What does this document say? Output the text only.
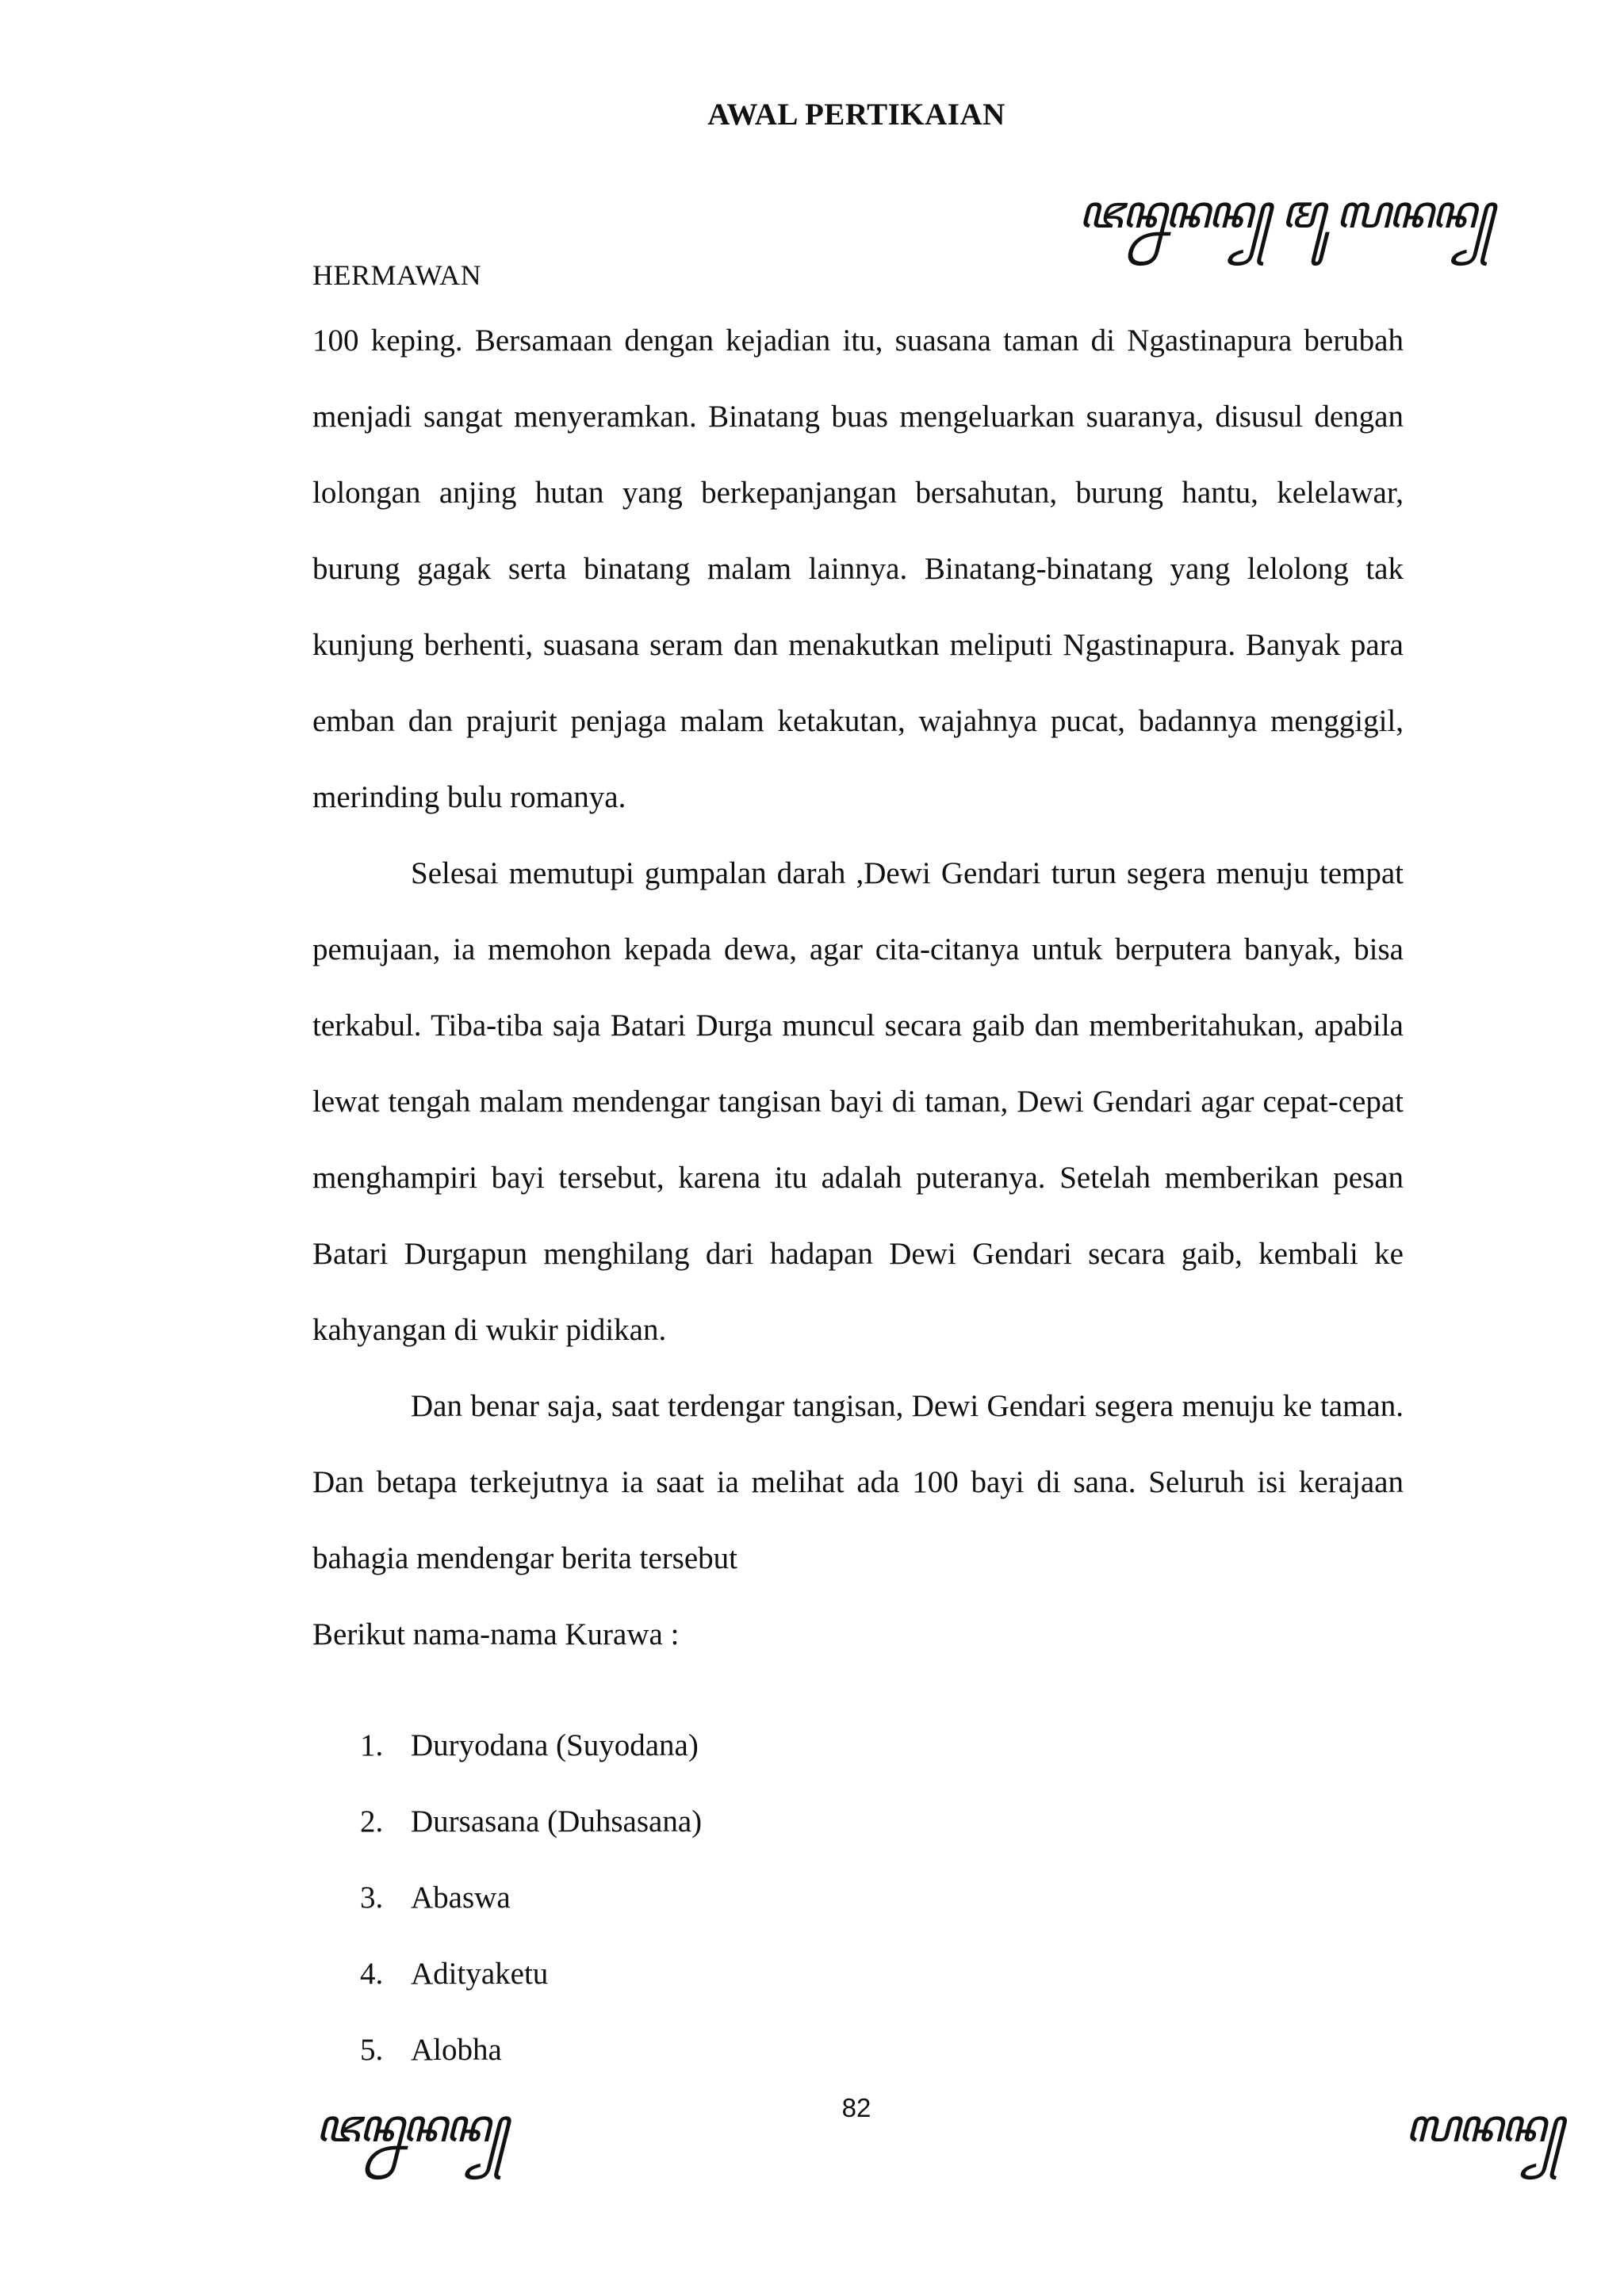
AWAL PERTIKAIAN
ꦗꦤ꧀ꦤꦤꦤ꧀ ꦩꦸ ꦭꦤꦤ꧀
HERMAWAN

100 keping. Bersamaan dengan kejadian itu, suasana taman di Ngastinapura berubah menjadi sangat menyeramkan. Binatang buas mengeluarkan suaranya, disusul dengan lolongan anjing hutan yang berkepanjangan bersahutan, burung hantu, kelelawar, burung gagak serta binatang malam lainnya. Binatang-binatang yang lelolong tak kunjung berhenti, suasana seram dan menakutkan meliputi Ngastinapura. Banyak para emban dan prajurit penjaga malam ketakutan, wajahnya pucat, badannya menggigil, merinding bulu romanya.

Selesai memutupi gumpalan darah ,Dewi Gendari turun segera menuju tempat pemujaan, ia memohon kepada dewa, agar cita-citanya untuk berputera banyak, bisa terkabul. Tiba-tiba saja Batari Durga muncul secara gaib dan memberitahukan, apabila lewat tengah malam mendengar tangisan bayi di taman, Dewi Gendari agar cepat-cepat menghampiri bayi tersebut, karena itu adalah puteranya. Setelah memberikan pesan Batari Durgapun menghilang dari hadapan Dewi Gendari secara gaib, kembali ke kahyangan di wukir pidikan.

Dan benar saja, saat terdengar tangisan, Dewi Gendari segera menuju ke taman. Dan betapa terkejutnya ia saat ia melihat ada 100 bayi di sana. Seluruh isi kerajaan bahagia mendengar berita tersebut

Berikut nama-nama Kurawa :

1. Duryodana (Suyodana)
2. Dursasana (Duhsasana)
3. Abaswa
4. Adityaketu
5. Alobha
82
ꦗꦤ꧀ꦤꦤꦤ꧀	ꦭꦤꦤ꧀
